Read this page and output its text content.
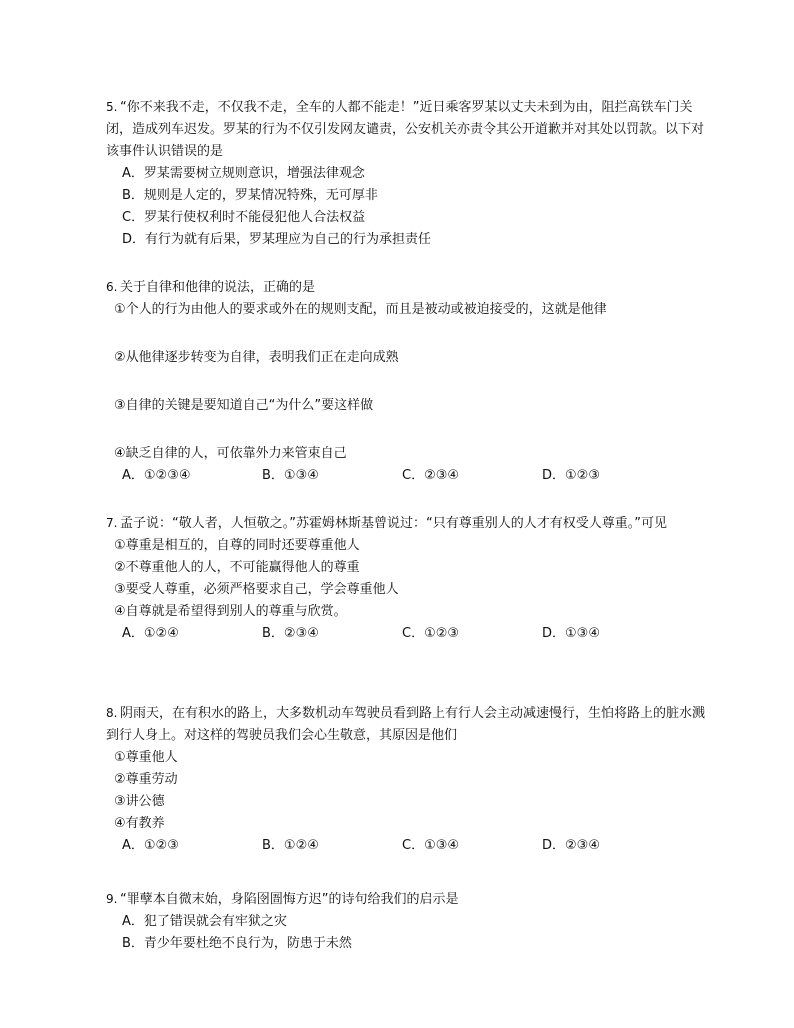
5. “你不来我不走，不仅我不走，全车的人都不能走！”近日乘客罗某以丈夫未到为由，阻拦高铁车门关闭，造成列车迟发。罗某的行为不仅引发网友谴责，公安机关亦责令其公开道歉并对其处以罚款。以下对该事件认识错误的是

A．罗某需要树立规则意识，增强法律观念
B．规则是人定的，罗某情况特殊，无可厚非
C．罗某行使权利时不能侵犯他人合法权益
D．有行为就有后果，罗某理应为自己的行为承担责任

6. 关于自律和他律的说法，正确的是

①个人的行为由他人的要求或外在的规则支配，而且是被动或被迫接受的，这就是他律
②从他律逐步转变为自律，表明我们正在走向成熟
③自律的关键是要知道自己“为什么”要这样做
④缺乏自律的人，可依靠外力来管束自己
A．①②③④	B．①③④	C．②③④	D．①②③

7. 孟子说：“敬人者，人恒敬之。”苏霍姆林斯基曾说过：“只有尊重别人的人才有权受人尊重。”可见

①尊重是相互的，自尊的同时还要尊重他人
②不尊重他人的人，不可能赢得他人的尊重
③要受人尊重，必须严格要求自己，学会尊重他人
④自尊就是希望得到别人的尊重与欣赏。
A．①②④	B．②③④	C．①②③	D．①③④

8. 阴雨天，在有积水的路上，大多数机动车驾驶员看到路上有行人会主动减速慢行，生怕将路上的脏水溅到行人身上。对这样的驾驶员我们会心生敬意，其原因是他们

①尊重他人
②尊重劳动
③讲公德
④有教养
A．①②③	B．①②④	C．①③④	D．②③④

9. “罪孽本自微末始，身陷囹圄悔方迟”的诗句给我们的启示是

A．犯了错误就会有牢狱之灾
B．青少年要杜绝不良行为，防患于未然
